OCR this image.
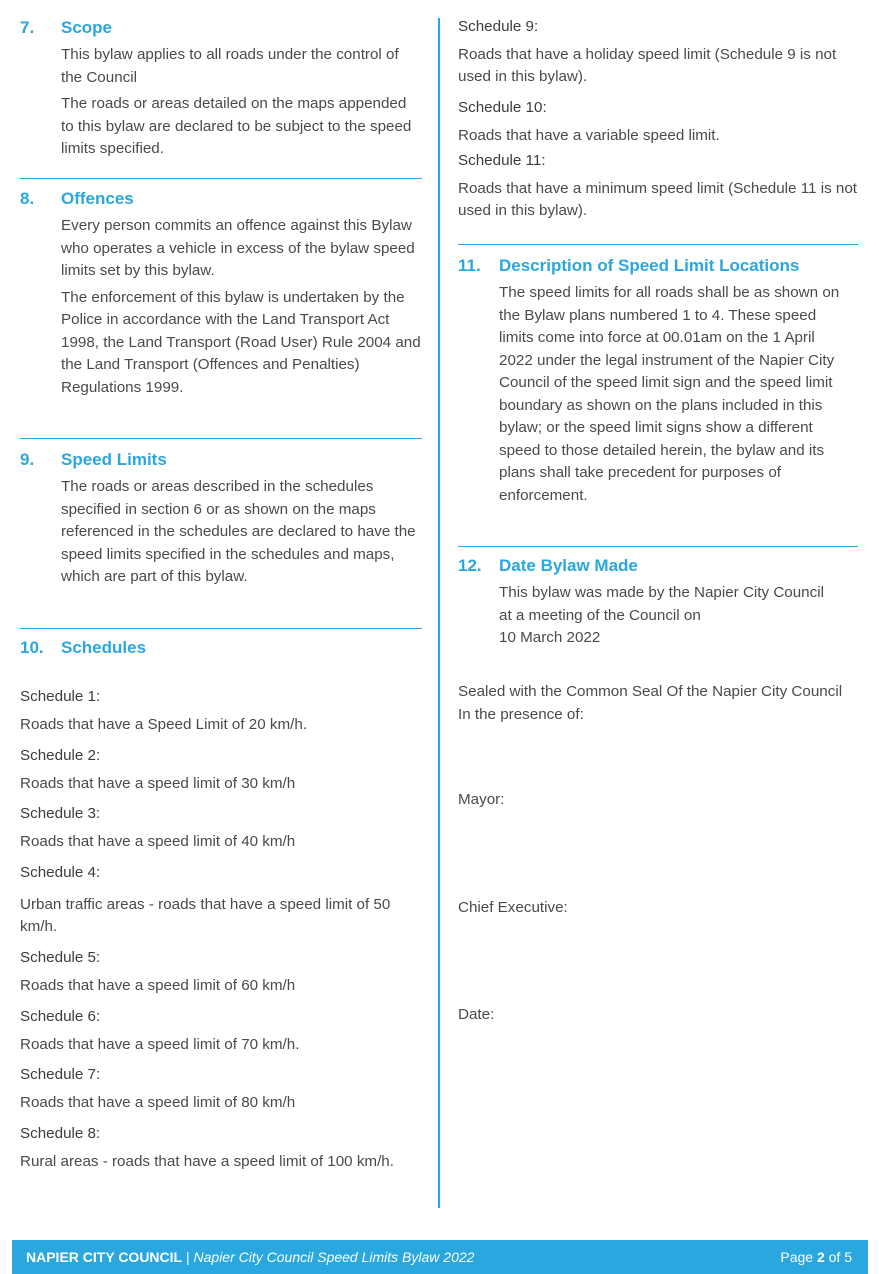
7.	Scope

This bylaw applies to all roads under the control of the Council

The roads or areas detailed on the maps appended to this bylaw are declared to be subject to the speed limits specified.

8.	Offences

Every person commits an offence against this Bylaw who operates a vehicle in excess of the bylaw speed limits set by this bylaw.

The enforcement of this bylaw is undertaken by the Police in accordance with the Land Transport Act 1998, the Land Transport (Road User) Rule 2004 and the Land Transport (Offences and Penalties) Regulations 1999.

9.	Speed Limits

The roads or areas described in the schedules specified in section 6 or as shown on the maps referenced in the schedules are declared to have the speed limits specified in the schedules and maps, which are part of this bylaw.

10.	Schedules

Schedule 1:

Roads that have a Speed Limit of 20 km/h.

Schedule 2:

Roads that have a speed limit of 30 km/h

Schedule 3:

Roads that have a speed limit of 40 km/h

Schedule 4:

Urban traffic areas - roads that have a speed limit of 50 km/h.

Schedule 5:

Roads that have a speed limit of 60 km/h

Schedule 6:

Roads that have a speed limit of 70 km/h.

Schedule 7:

Roads that have a speed limit of 80 km/h

Schedule 8:

Rural areas - roads that have a speed limit of 100 km/h.

Schedule 9:

Roads that have a holiday speed limit (Schedule 9 is not used in this bylaw).

Schedule 10:

Roads that have a variable speed limit.

Schedule 11:

Roads that have a minimum speed limit (Schedule 11 is not used in this bylaw).

11.	Description of Speed Limit Locations

The speed limits for all roads shall be as shown on the Bylaw plans numbered 1 to 4. These speed limits come into force at 00.01am on the 1 April 2022 under the legal instrument of the Napier City Council of the speed limit sign and the speed limit boundary as shown on the plans included in this bylaw; or the speed limit signs show a different speed to those detailed herein, the bylaw and its plans shall take precedent for purposes of enforcement.

12.	Date Bylaw Made

This bylaw was made by the Napier City Council at a meeting of the Council on

10 March 2022

Sealed with the Common Seal Of the Napier City Council In the presence of:

Mayor:

Chief Executive:

Date:

NAPIER CITY COUNCIL | Napier City Council Speed Limits Bylaw 2022	Page 2 of 5
